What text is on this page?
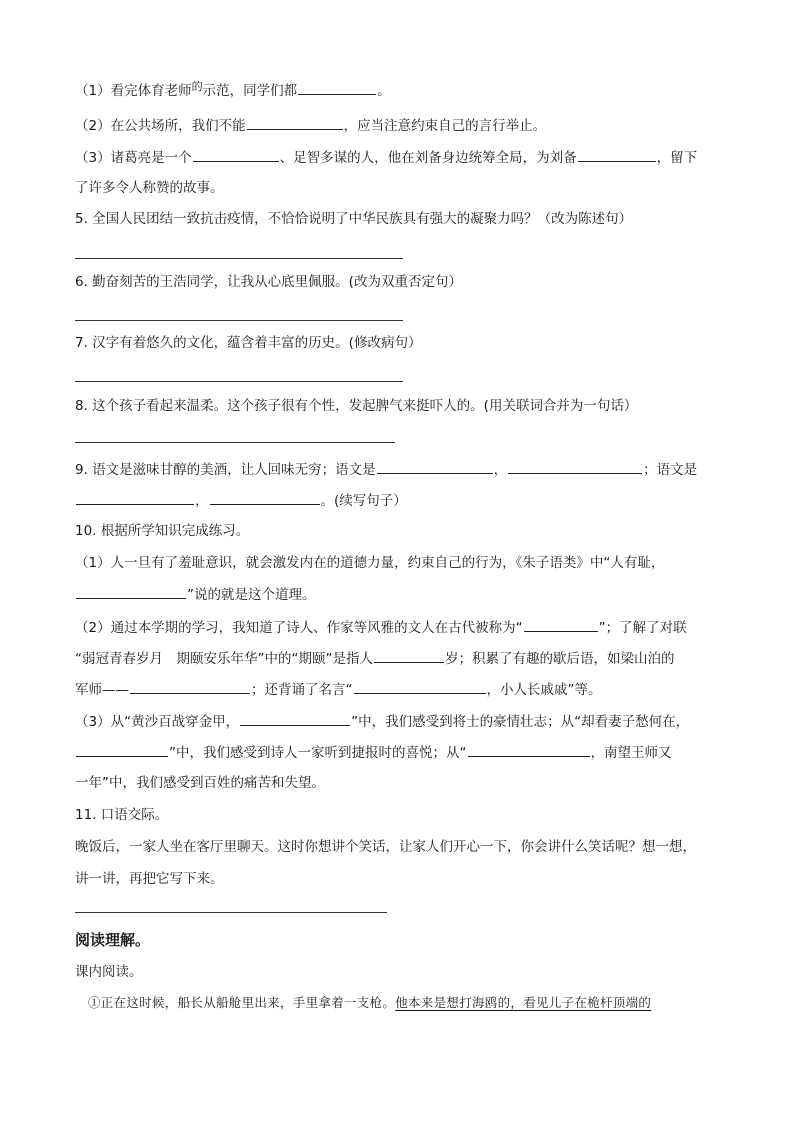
（1）看完体育老师$^的$示范，同学们都	。
（2）在公共场所，我们不能	，应当注意约束自己的言行举止。
（3）诸葛亮是一个	、足智多谋的人，他在刘备身边统筹全局，为刘备	，留下
了许多令人称赞的故事。
5. 全国人民团结一致抗击疫情，不恰恰说明了中华民族具有强大的凝聚力吗？（改为陈述句）
6. 勤奋刻苦的王浩同学，让我从心底里佩服。(改为双重否定句）
7. 汉字有着悠久的文化，蕴含着丰富的历史。(修改病句）
8. 这个孩子看起来温柔。这个孩子很有个性，发起脾气来挺吓人的。(用关联词合并为一句话）
9. 语文是滋味甘醇的美酒，让人回味无穷；语文是	，	；语文是
，	。(续写句子）
10. 根据所学知识完成练习。
（1）人一旦有了羞耻意识，就会激发内在的道德力量，约束自己的行为，《朱子语类》中“人有耻，
”说的就是这个道理。
（2）通过本学期的学习，我知道了诗人、作家等风雅的文人在古代被称为“	”；了解了对联
“弱冠青春岁月　期颐安乐年华”中的“期颐”是指人	岁；积累了有趣的歇后语，如梁山泊的
军师——	；还背诵了名言“	，小人长戚戚”等。
（3）从“黄沙百战穿金甲，	”中，我们感受到将士的豪情壮志；从“却看妻子愁何在，
”中，我们感受到诗人一家听到捷报时的喜悦；从“	，南望王师又
一年”中，我们感受到百姓的痛苦和失望。
11. 口语交际。
晚饭后，一家人坐在客厅里聊天。这时你想讲个笑话，让家人们开心一下，你会讲什么笑话呢？想一想，
讲一讲，再把它写下来。
阅读理解。
课内阅读。
①正在这时候，船长从船舱里出来，手里拿着一支枪。他本来是想打海鸥的，看见儿子在桅杆顶端的
